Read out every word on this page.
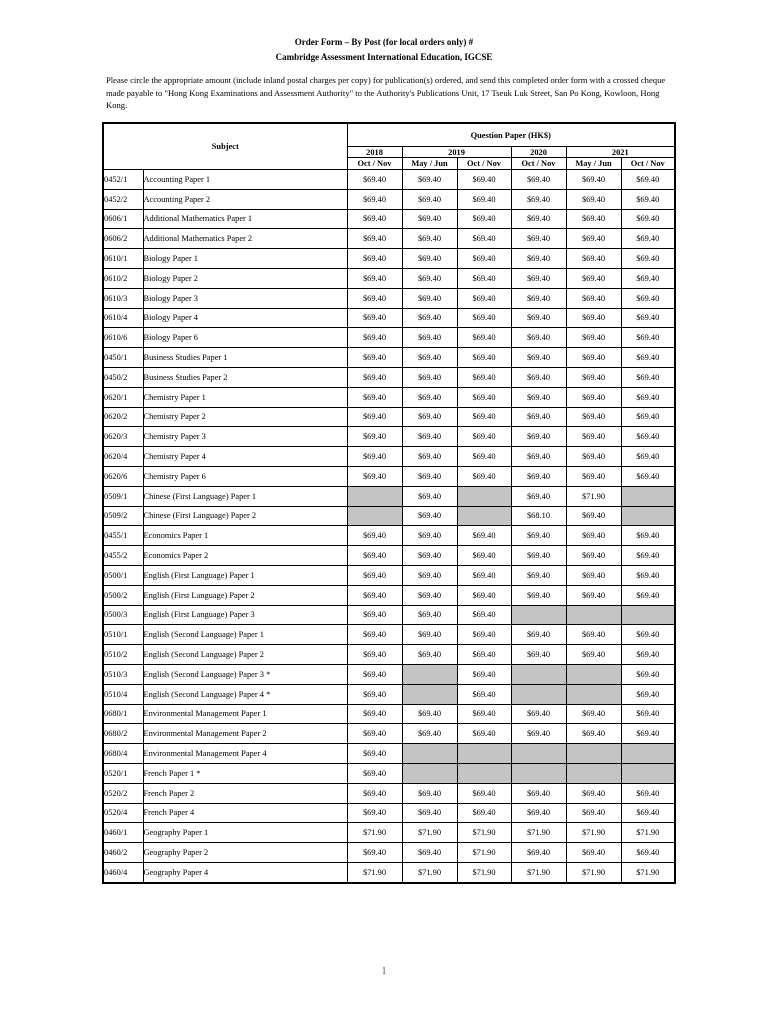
Order Form – By Post (for local orders only) #
Cambridge Assessment International Education, IGCSE
Please circle the appropriate amount (include inland postal charges per copy) for publication(s) ordered, and send this completed order form with a crossed cheque made payable to "Hong Kong Examinations and Assessment Authority" to the Authority's Publications Unit, 17 Tseuk Luk Street, San Po Kong, Kowloon, Hong Kong.
Subject		Question Paper (HK$)					
		2018	2019		2020	2021	
		Oct / Nov	May / Jun	Oct / Nov	Oct / Nov	May / Jun	Oct / Nov
0452/1	Accounting Paper 1	$69.40	$69.40	$69.40	$69.40	$69.40	$69.40
0452/2	Accounting Paper 2	$69.40	$69.40	$69.40	$69.40	$69.40	$69.40
0606/1	Additional Mathematics Paper 1	$69.40	$69.40	$69.40	$69.40	$69.40	$69.40
0606/2	Additional Mathematics Paper 2	$69.40	$69.40	$69.40	$69.40	$69.40	$69.40
0610/1	Biology Paper 1	$69.40	$69.40	$69.40	$69.40	$69.40	$69.40
0610/2	Biology Paper 2	$69.40	$69.40	$69.40	$69.40	$69.40	$69.40
0610/3	Biology Paper 3	$69.40	$69.40	$69.40	$69.40	$69.40	$69.40
0610/4	Biology Paper 4	$69.40	$69.40	$69.40	$69.40	$69.40	$69.40
0610/6	Biology Paper 6	$69.40	$69.40	$69.40	$69.40	$69.40	$69.40
0450/1	Business Studies Paper 1	$69.40	$69.40	$69.40	$69.40	$69.40	$69.40
0450/2	Business Studies Paper 2	$69.40	$69.40	$69.40	$69.40	$69.40	$69.40
0620/1	Chemistry Paper 1	$69.40	$69.40	$69.40	$69.40	$69.40	$69.40
0620/2	Chemistry Paper 2	$69.40	$69.40	$69.40	$69.40	$69.40	$69.40
0620/3	Chemistry Paper 3	$69.40	$69.40	$69.40	$69.40	$69.40	$69.40
0620/4	Chemistry Paper 4	$69.40	$69.40	$69.40	$69.40	$69.40	$69.40
0620/6	Chemistry Paper 6	$69.40	$69.40	$69.40	$69.40	$69.40	$69.40
0509/1	Chinese (First Language) Paper 1		$69.40		$69.40	$71.90	
0509/2	Chinese (First Language) Paper 2		$69.40		$68.10	$69.40	
0455/1	Economics Paper 1	$69.40	$69.40	$69.40	$69.40	$69.40	$69.40
0455/2	Economics Paper 2	$69.40	$69.40	$69.40	$69.40	$69.40	$69.40
0500/1	English (First Language) Paper 1	$69.40	$69.40	$69.40	$69.40	$69.40	$69.40
0500/2	English (First Language) Paper 2	$69.40	$69.40	$69.40	$69.40	$69.40	$69.40
0500/3	English (First Language) Paper 3	$69.40	$69.40	$69.40			
0510/1	English (Second Language) Paper 1	$69.40	$69.40	$69.40	$69.40	$69.40	$69.40
0510/2	English (Second Language) Paper 2	$69.40	$69.40	$69.40	$69.40	$69.40	$69.40
0510/3	English (Second Language) Paper 3 *	$69.40		$69.40			$69.40
0510/4	English (Second Language) Paper 4 *	$69.40		$69.40			$69.40
0680/1	Environmental Management Paper 1	$69.40	$69.40	$69.40	$69.40	$69.40	$69.40
0680/2	Environmental Management Paper 2	$69.40	$69.40	$69.40	$69.40	$69.40	$69.40
0680/4	Environmental Management Paper 4	$69.40					
0520/1	French Paper 1 *	$69.40					
0520/2	French Paper 2	$69.40	$69.40	$69.40	$69.40	$69.40	$69.40
0520/4	French Paper 4	$69.40	$69.40	$69.40	$69.40	$69.40	$69.40
0460/1	Geography Paper 1	$71.90	$71.90	$71.90	$71.90	$71.90	$71.90
0460/2	Geography Paper 2	$69.40	$69.40	$71.90	$69.40	$69.40	$69.40
0460/4	Geography Paper 4	$71.90	$71.90	$71.90	$71.90	$71.90	$71.90
1
